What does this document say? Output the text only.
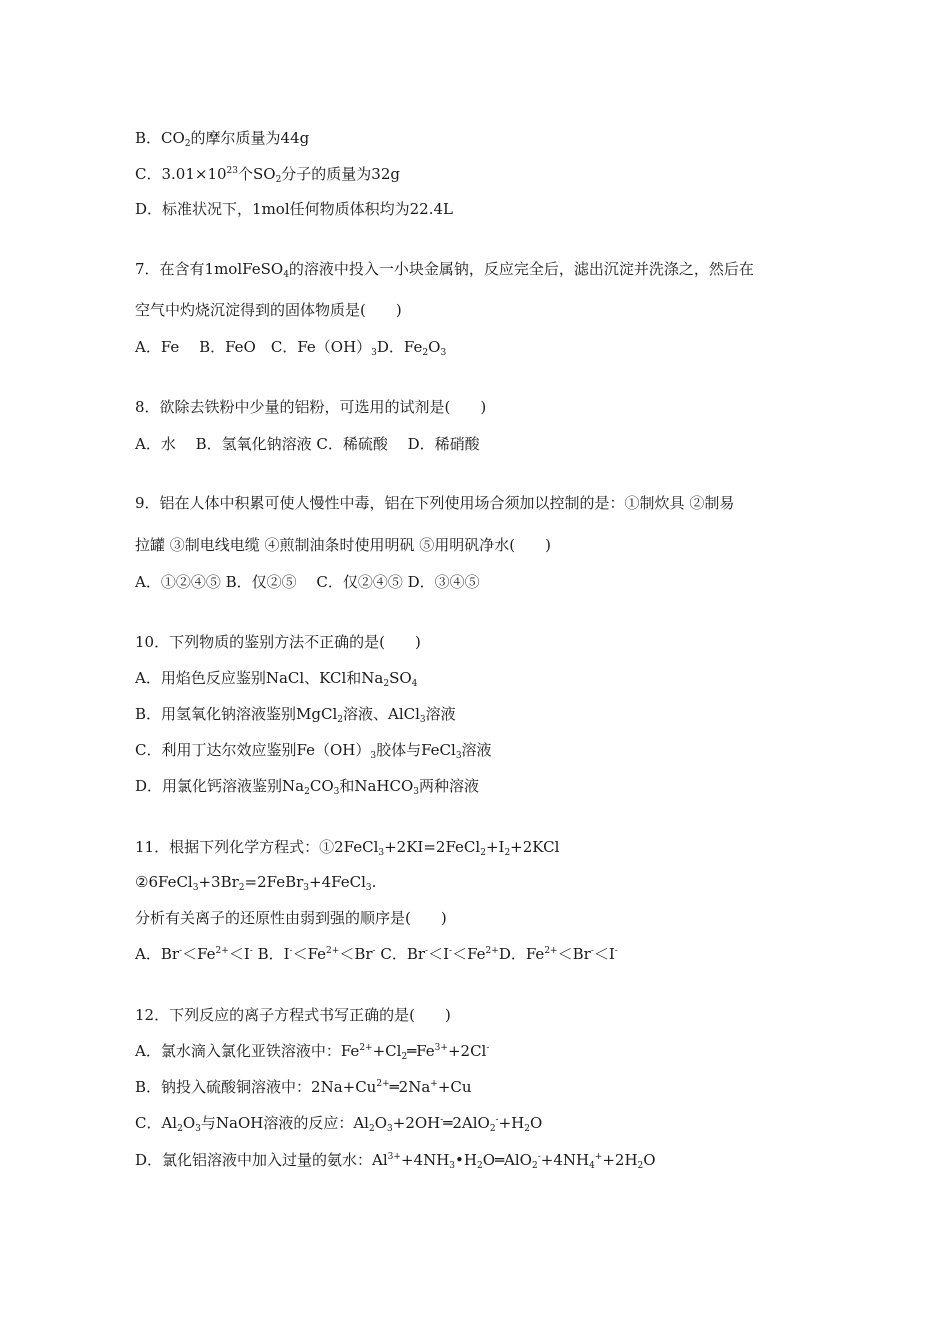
B．$CO_2$的摩尔质量为44g
C．$3.01\times 10^{23}$个$SO_2$分子的质量为32g
D．标准状况下，1mol任何物质体积均为22.4L
7．在含有1molFeSO$_4$的溶液中投入一小块金属钠，反应完全后，滤出沉淀并洗涤之，然后在
空气中灼烧沉淀得到的固体物质是(　　)
A．Fe　 B．FeO　C．$Fe(OH)_3D$．$Fe_2O_3$
8．欲除去铁粉中少量的铝粉，可选用的试剂是(　　)
A．水　 B．氢氧化钠溶液 C．稀硫酸　 D．稀硝酸
9．铝在人体中积累可使人慢性中毒，铝在下列使用场合须加以控制的是：①制炊具 ②制易
拉罐 ③制电线电缆 ④煎制油条时使用明矾 ⑤用明矾净水(　　)
A．①②④⑤ B．仅②⑤　 C．仅②④⑤ D．③④⑤
10．下列物质的鉴别方法不正确的是(　　)
A．用焰色反应鉴别NaCl、KCl和$Na_2SO_4$
B．用氢氧化钠溶液鉴别MgCl$_2$溶液、AlCl$_3$溶液
C．利用丁达尔效应鉴别$Fe(OH)_3$胶体与FeCl$_3$溶液
D．用氯化钙溶液鉴别$Na_2CO_3$和NaHCO$_3$两种溶液
11．根据下列化学方程式：$①2FeCl_3+2KI=2FeCl_2+I_2+2KCl$
$②6FeCl_3+3Br_2=2FeBr_3+4FeCl_3$.
分析有关离子的还原性由弱到强的顺序是(　　)
A．$Br^-<Fe^{2+}<I^-$ B．$I^-<Fe^{2+}<Br^-$ C．$Br^-<I^-<Fe^{2+}D$．$Fe^{2+}<Br^-<I^-$
12．下列反应的离子方程式书写正确的是(　　)
A．氯水滴入氯化亚铁溶液中：$Fe^{2+}+Cl_2═Fe^{3+}+2Cl^-$
B．钠投入硫酸铜溶液中：$2Na+Cu^{2+}═2Na^++Cu$
C．$Al_2O_3$与NaOH溶液的反应：$Al_2O_3+2OH^-═2AlO_2^-+H_2O$
D．氯化铝溶液中加入过量的氨水：$Al^{3+}+4NH_3•H_2O═AlO_2^-+4NH_4^++2H_2O$
